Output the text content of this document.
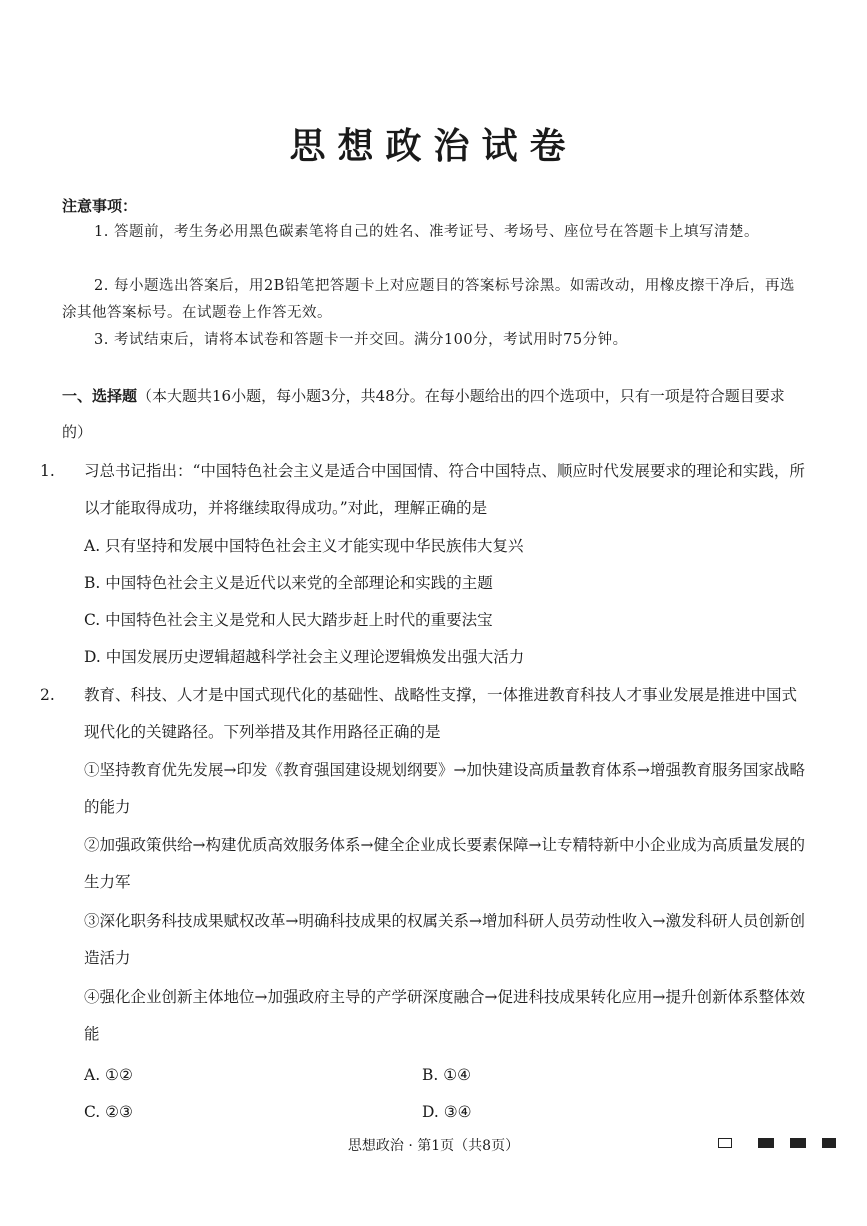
思想政治试卷
注意事项：
1. 答题前，考生务必用黑色碳素笔将自己的姓名、准考证号、考场号、座位号在答题卡上填写清楚。
2. 每小题选出答案后，用2B铅笔把答题卡上对应题目的答案标号涂黑。如需改动，用橡皮擦干净后，再选涂其他答案标号。在试题卷上作答无效。
3. 考试结束后，请将本试卷和答题卡一并交回。满分100分，考试用时75分钟。
一、选择题（本大题共16小题，每小题3分，共48分。在每小题给出的四个选项中，只有一项是符合题目要求的）
1. 习总书记指出：“中国特色社会主义是适合中国国情、符合中国特点、顺应时代发展要求的理论和实践，所以才能取得成功，并将继续取得成功。”对此，理解正确的是
A. 只有坚持和发展中国特色社会主义才能实现中华民族伟大复兴
B. 中国特色社会主义是近代以来党的全部理论和实践的主题
C. 中国特色社会主义是党和人民大踏步赶上时代的重要法宝
D. 中国发展历史逻辑超越科学社会主义理论逻辑焕发出强大活力
2. 教育、科技、人才是中国式现代化的基础性、战略性支撑，一体推进教育科技人才事业发展是推进中国式现代化的关键路径。下列举措及其作用路径正确的是
①坚持教育优先发展→印发《教育强国建设规划纲要》→加快建设高质量教育体系→增强教育服务国家战略的能力
②加强政策供给→构建优质高效服务体系→健全企业成长要素保障→让专精特新中小企业成为高质量发展的生力军
③深化职务科技成果赋权改革→明确科技成果的权属关系→增加科研人员劳动性收入→激发科研人员创新创造活力
④强化企业创新主体地位→加强政府主导的产学研深度融合→促进科技成果转化应用→提升创新体系整体效能
A. ①②	B. ①④
C. ②③	D. ③④
思想政治 · 第1页（共8页）
